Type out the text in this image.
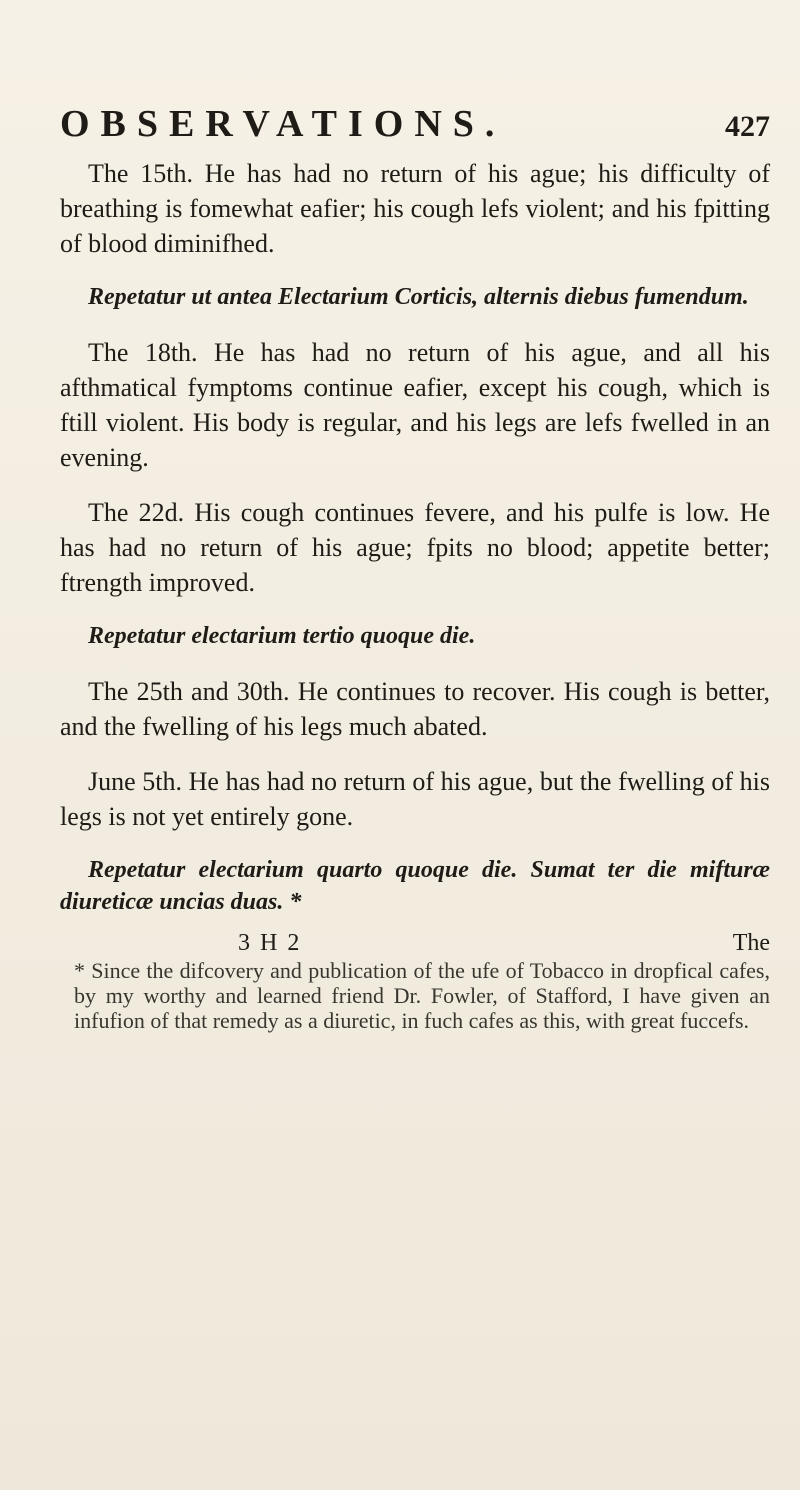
OBSERVATIONS.	427

The 15th. He has had no return of his ague; his difficulty of breathing is fomewhat eafier; his cough lefs violent; and his fpitting of blood diminifhed.

Repetatur ut antea Electarium Corticis, alternis diebus fumendum.

The 18th. He has had no return of his ague, and all his afthmatical fymptoms continue eafier, except his cough, which is ftill violent. His body is regular, and his legs are lefs fwelled in an evening.

The 22d. His cough continues fevere, and his pulfe is low. He has had no return of his ague; fpits no blood; appetite better; ftrength improved.

Repetatur electarium tertio quoque die.

The 25th and 30th. He continues to recover. His cough is better, and the fwelling of his legs much abated.

June 5th. He has had no return of his ague, but the fwelling of his legs is not yet entirely gone.

Repetatur electarium quarto quoque die. Sumat ter die mifturæ diureticæ uncias duas. *

3 H 2	The
* Since the difcovery and publication of the ufe of Tobacco in dropfical cafes, by my worthy and learned friend Dr. Fowler, of Stafford, I have given an infufion of that remedy as a diuretic, in fuch cafes as this, with great fuccefs.
